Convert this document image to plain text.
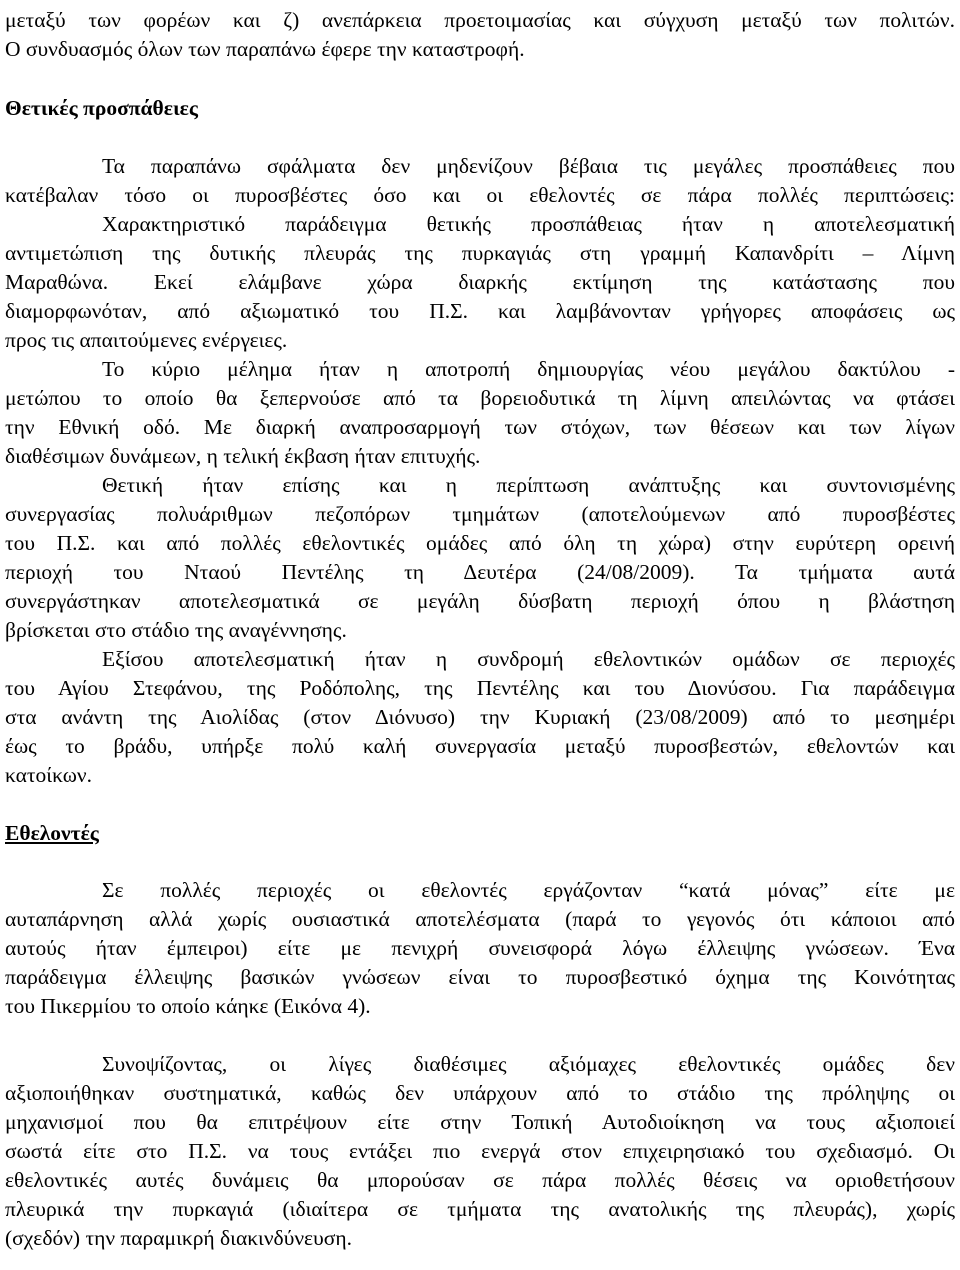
μεταξύ των φορέων και ζ) ανεπάρκεια προετοιμασίας και σύγχυση μεταξύ των πολιτών.
Ο συνδυασμός όλων των παραπάνω έφερε την καταστροφή.
Θετικές προσπάθειες
Τα παραπάνω σφάλματα δεν μηδενίζουν βέβαια τις μεγάλες προσπάθειες που
κατέβαλαν τόσο οι πυροσβέστες όσο και οι εθελοντές σε πάρα πολλές περιπτώσεις:
Χαρακτηριστικό παράδειγμα θετικής προσπάθειας ήταν η αποτελεσματική
αντιμετώπιση της δυτικής πλευράς της πυρκαγιάς στη γραμμή Καπανδρίτι – Λίμνη
Μαραθώνα. Εκεί ελάμβανε χώρα διαρκής εκτίμηση της κατάστασης που
διαμορφωνόταν, από αξιωματικό του Π.Σ. και λαμβάνονταν γρήγορες αποφάσεις ως
προς τις απαιτούμενες ενέργειες.
Το κύριο μέλημα ήταν η αποτροπή δημιουργίας νέου μεγάλου δακτύλου -
μετώπου το οποίο θα ξεπερνούσε από τα βορειοδυτικά τη λίμνη απειλώντας να φτάσει
την Εθνική οδό. Με διαρκή αναπροσαρμογή των στόχων, των θέσεων και των λίγων
διαθέσιμων δυνάμεων, η τελική έκβαση ήταν επιτυχής.
Θετική ήταν επίσης και η περίπτωση ανάπτυξης και συντονισμένης
συνεργασίας πολυάριθμων πεζοπόρων τμημάτων (αποτελούμενων από πυροσβέστες
του Π.Σ. και από πολλές εθελοντικές ομάδες από όλη τη χώρα) στην ευρύτερη ορεινή
περιοχή του Νταού Πεντέλης τη Δευτέρα (24/08/2009). Τα τμήματα αυτά
συνεργάστηκαν αποτελεσματικά σε μεγάλη δύσβατη περιοχή όπου η βλάστηση
βρίσκεται στο στάδιο της αναγέννησης.
Εξίσου αποτελεσματική ήταν η συνδρομή εθελοντικών ομάδων σε περιοχές
του Αγίου Στεφάνου, της Ροδόπολης, της Πεντέλης και του Διονύσου. Για παράδειγμα
στα ανάντη της Αιολίδας (στον Διόνυσο) την Κυριακή (23/08/2009) από το μεσημέρι
έως το βράδυ, υπήρξε πολύ καλή συνεργασία μεταξύ πυροσβεστών, εθελοντών και
κατοίκων.
Εθελοντές
Σε πολλές περιοχές οι εθελοντές εργάζονταν “κατά μόνας” είτε με
αυταπάρνηση αλλά χωρίς ουσιαστικά αποτελέσματα (παρά το γεγονός ότι κάποιοι από
αυτούς ήταν έμπειροι) είτε με πενιχρή συνεισφορά λόγω έλλειψης γνώσεων. Ένα
παράδειγμα έλλειψης βασικών γνώσεων είναι το πυροσβεστικό όχημα της Κοινότητας
του Πικερμίου το οποίο κάηκε (Εικόνα 4).
Συνοψίζοντας, οι λίγες διαθέσιμες αξιόμαχες εθελοντικές ομάδες δεν
αξιοποιήθηκαν συστηματικά, καθώς δεν υπάρχουν από το στάδιο της πρόληψης οι
μηχανισμοί που θα επιτρέψουν είτε στην Τοπική Αυτοδιοίκηση να τους αξιοποιεί
σωστά είτε στο Π.Σ. να τους εντάξει πιο ενεργά στον επιχειρησιακό του σχεδιασμό. Οι
εθελοντικές αυτές δυνάμεις θα μπορούσαν σε πάρα πολλές θέσεις να οριοθετήσουν
πλευρικά την πυρκαγιά (ιδιαίτερα σε τμήματα της ανατολικής της πλευράς), χωρίς
(σχεδόν) την παραμικρή διακινδύνευση.
